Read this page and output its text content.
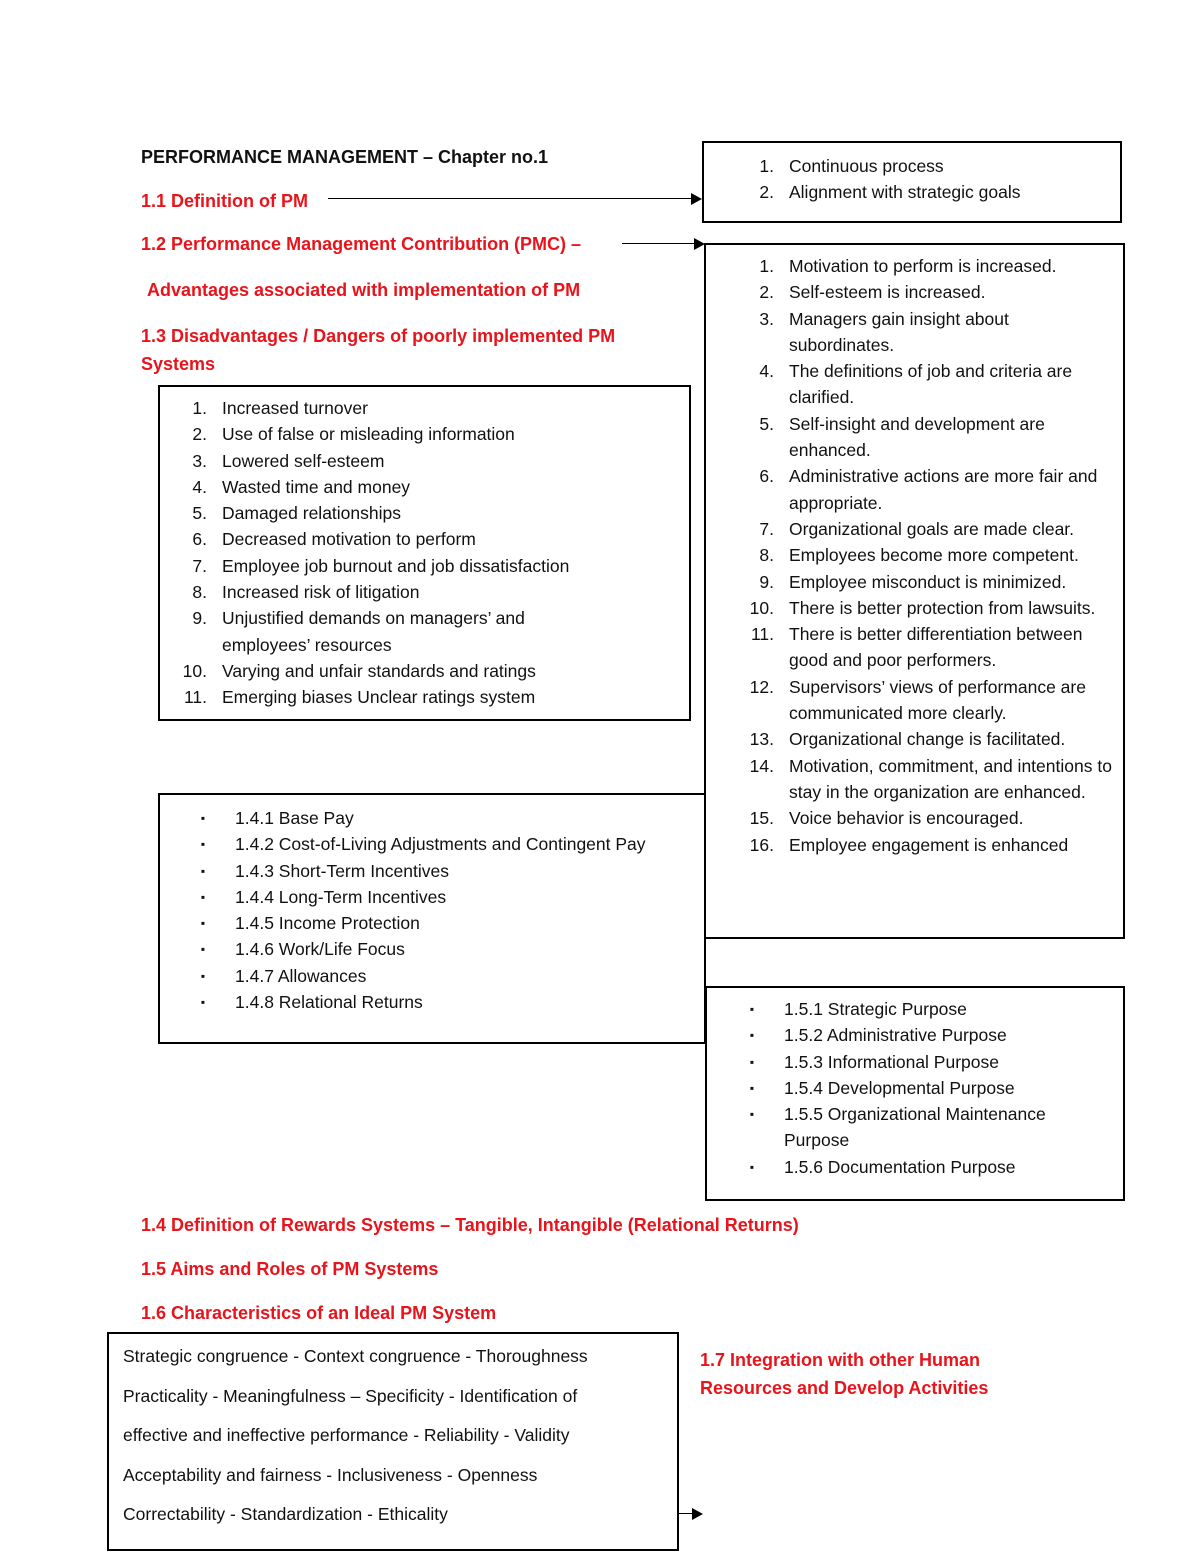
PERFORMANCE MANAGEMENT – Chapter no.1
1.1 Definition of PM
1.2 Performance Management Contribution (PMC) –
Advantages associated with implementation of PM
1.3 Disadvantages / Dangers of poorly implemented PM Systems
1.4 Definition of Rewards Systems – Tangible, Intangible (Relational Returns)
1.5 Aims and Roles of PM Systems
1.6 Characteristics of an Ideal PM System
1.7 Integration with other Human Resources and Develop Activities
1. Continuous process
2. Alignment with strategic goals
1. Motivation to perform is increased.
2. Self-esteem is increased.
3. Managers gain insight about subordinates.
4. The definitions of job and criteria are clarified.
5. Self-insight and development are enhanced.
6. Administrative actions are more fair and appropriate.
7. Organizational goals are made clear.
8. Employees become more competent.
9. Employee misconduct is minimized.
10. There is better protection from lawsuits.
11. There is better differentiation between good and poor performers.
12. Supervisors’ views of performance are communicated more clearly.
13. Organizational change is facilitated.
14. Motivation, commitment, and intentions to stay in the organization are enhanced.
15. Voice behavior is encouraged.
16. Employee engagement is enhanced
1. Increased turnover
2. Use of false or misleading information
3. Lowered self-esteem
4. Wasted time and money
5. Damaged relationships
6. Decreased motivation to perform
7. Employee job burnout and job dissatisfaction
8. Increased risk of litigation
9. Unjustified demands on managers’ and employees’ resources
10. Varying and unfair standards and ratings
11. Emerging biases Unclear ratings system
▪ 1.4.1 Base Pay
▪ 1.4.2 Cost-of-Living Adjustments and Contingent Pay
▪ 1.4.3 Short-Term Incentives
▪ 1.4.4 Long-Term Incentives
▪ 1.4.5 Income Protection
▪ 1.4.6 Work/Life Focus
▪ 1.4.7 Allowances
▪ 1.4.8 Relational Returns	▪ 1.5.1 Strategic Purpose
▪ 1.5.2 Administrative Purpose
▪ 1.5.3 Informational Purpose
▪ 1.5.4 Developmental Purpose
▪ 1.5.5 Organizational Maintenance Purpose
▪ 1.5.6 Documentation Purpose

Strategic congruence - Context congruence - Thoroughness

Practicality - Meaningfulness – Specificity - Identification of

effective and ineffective performance - Reliability - Validity

Acceptability and fairness - Inclusiveness - Openness

Correctability - Standardization - Ethicality
